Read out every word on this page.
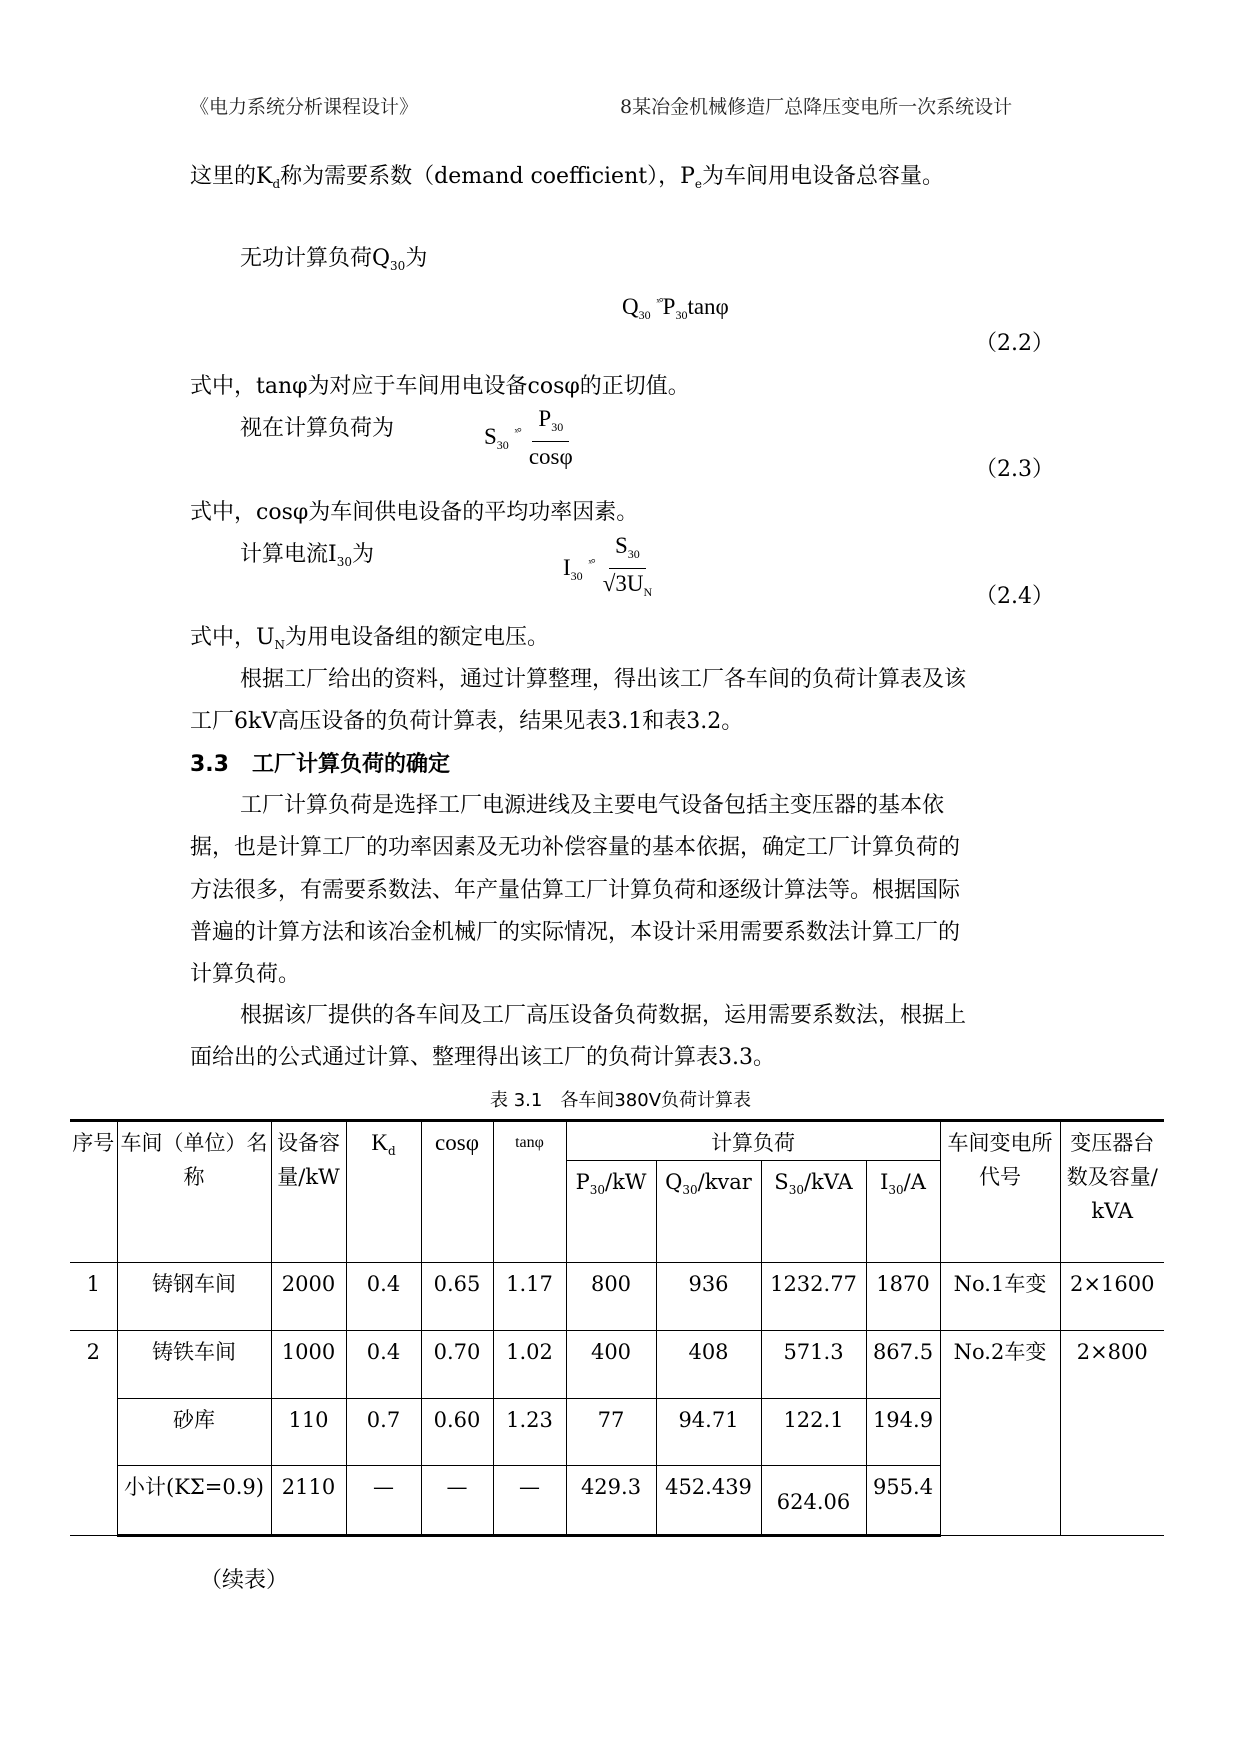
《电力系统分析课程设计》	8某冶金机械修造厂总降压变电所一次系统设计
这里的$K_d$称为需要系数（demand coefficient），$P_e$为车间用电设备总容量。
无功计算负荷$Q_{30}$为
$Q_{30}$ $^{ˣ^\circ}P_{30}\tan\varphi$
（2.2）
式中，tanφ为对应于车间用电设备cosφ的正切值。
视在计算负荷为	$S_{30}$ $^{ˣ^\circ} \frac{P_{30}}{\cos\varphi}$	（2.3）
式中，cosφ为车间供电设备的平均功率因素。
计算电流$I_{30}$为
$I_{30}$ $^{ˣ^\circ} \frac{S_{30}}{√3U_N}$	（2.4）
式中，$U_N$为用电设备组的额定电压。
根据工厂给出的资料，通过计算整理，得出该工厂各车间的负荷计算表及该
工厂6kV高压设备的负荷计算表，结果见表3.1和表3.2。
3.3 工厂计算负荷的确定
工厂计算负荷是选择工厂电源进线及主要电气设备包括主变压器的基本依
据，也是计算工厂的功率因素及无功补偿容量的基本依据，确定工厂计算负荷的
方法很多，有需要系数法、年产量估算工厂计算负荷和逐级计算法等。根据国际
普遍的计算方法和该冶金机械厂的实际情况，本设计采用需要系数法计算工厂的
计算负荷。
根据该厂提供的各车间及工厂高压设备负荷数据，运用需要系数法，根据上
面给出的公式通过计算、整理得出该工厂的负荷计算表3.3。
表 3.1　各车间380V负荷计算表
序号	车间（单位）名称	设备容量/kW	$K_d$	cosφ	tanφ	计算负荷				车间变电所代号	变压器台数及容量/kVA
						$P_{30}/kW$	$Q_{30}$/kvar	$S_{30}$/kVA	$I_{30}/A$		
1	铸钢车间	2000	0.4	0.65	1.17	800	936	1232.77	1870	No.1车变	2×1600
2	铸铁车间	1000	0.4	0.70	1.02	400	408	571.3	867.5	No.2车变	2×800
	砂库	110	0.7	0.60	1.23	77	94.71	122.1	194.9		
	小计(KΣ=0.9)	2110	—	—	—	429.3	452.439	624.06	955.4		
（续表）
